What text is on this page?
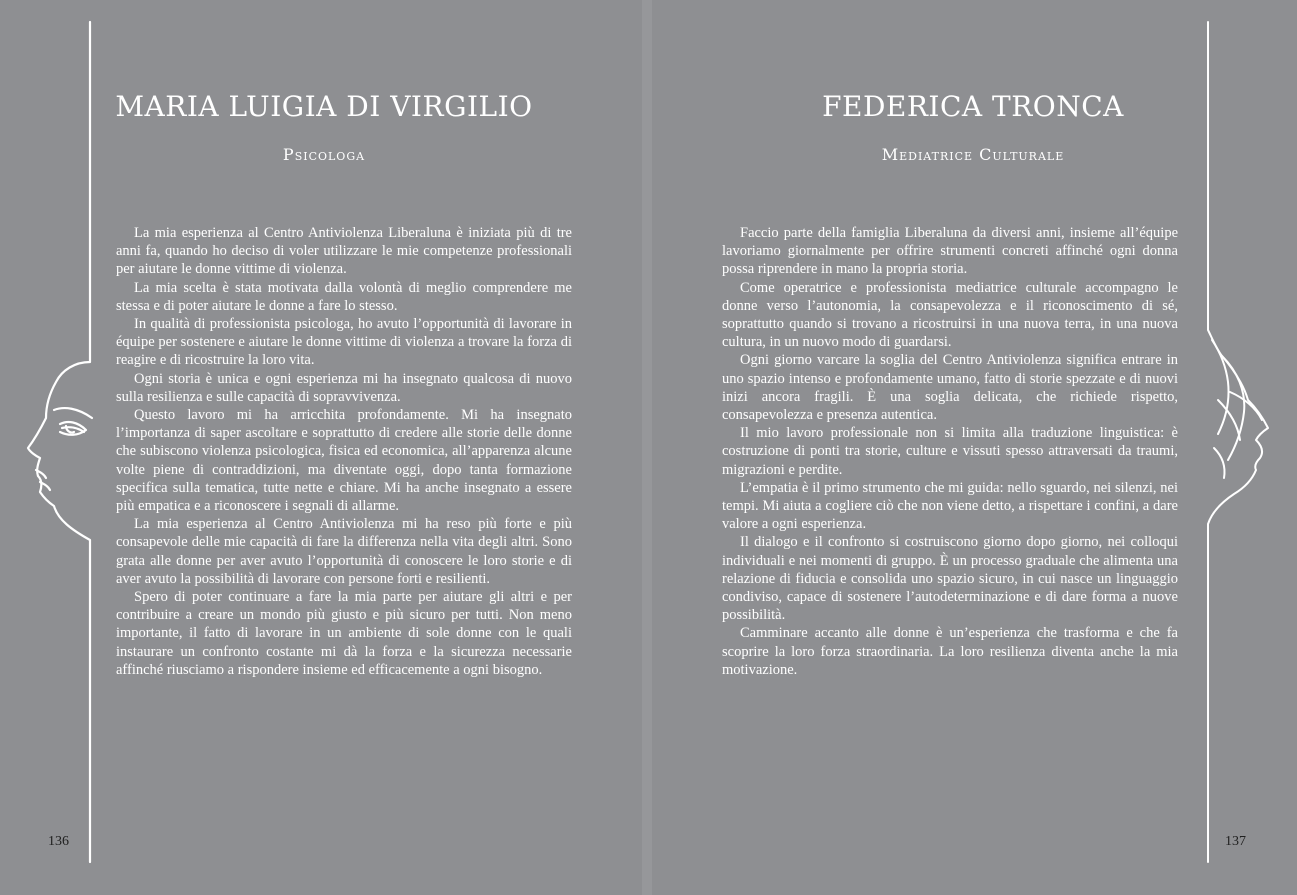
MARIA LUIGIA DI VIRGILIO
Psicologa

La mia esperienza al Centro Antiviolenza Liberaluna è iniziata più di tre anni fa, quando ho deciso di voler utilizzare le mie competenze professionali per aiutare le donne vittime di violenza.

La mia scelta è stata motivata dalla volontà di meglio comprendere me stessa e di poter aiutare le donne a fare lo stesso.

In qualità di professionista psicologa, ho avuto l’opportunità di lavorare in équipe per sostenere e aiutare le donne vittime di violenza a trovare la forza di reagire e di ricostruire la loro vita.

Ogni storia è unica e ogni esperienza mi ha insegnato qualcosa di nuovo sulla resilienza e sulle capacità di sopravvivenza.

Questo lavoro mi ha arricchita profondamente. Mi ha insegnato l’importanza di saper ascoltare e soprattutto di credere alle storie delle donne che subiscono violenza psicologica, fisica ed economica, all’apparenza alcune volte piene di contraddizioni, ma diventate oggi, dopo tanta formazione specifica sulla tematica, tutte nette e chiare. Mi ha anche insegnato a essere più empatica e a riconoscere i segnali di allarme.

La mia esperienza al Centro Antiviolenza mi ha reso più forte e più consapevole delle mie capacità di fare la differenza nella vita degli altri. Sono grata alle donne per aver avuto l’opportunità di conoscere le loro storie e di aver avuto la possibilità di lavorare con persone forti e resilienti.

Spero di poter continuare a fare la mia parte per aiutare gli altri e per contribuire a creare un mondo più giusto e più sicuro per tutti. Non meno importante, il fatto di lavorare in un ambiente di sole donne con le quali instaurare un confronto costante mi dà la forza e la sicurezza necessarie affinché riusciamo a rispondere insieme ed efficacemente a ogni bisogno.

136
FEDERICA TRONCA
Mediatrice Culturale

Faccio parte della famiglia Liberaluna da diversi anni, insieme all’équipe lavoriamo giornalmente per offrire strumenti concreti affinché ogni donna possa riprendere in mano la propria storia.

Come operatrice e professionista mediatrice culturale accompagno le donne verso l’autonomia, la consapevolezza e il riconoscimento di sé, soprattutto quando si trovano a ricostruirsi in una nuova terra, in una nuova cultura, in un nuovo modo di guardarsi.

Ogni giorno varcare la soglia del Centro Antiviolenza significa entrare in uno spazio intenso e profondamente umano, fatto di storie spezzate e di nuovi inizi ancora fragili. È una soglia delicata, che richiede rispetto, consapevolezza e presenza autentica.

Il mio lavoro professionale non si limita alla traduzione linguistica: è costruzione di ponti tra storie, culture e vissuti spesso attraversati da traumi, migrazioni e perdite.

L’empatia è il primo strumento che mi guida: nello sguardo, nei silenzi, nei tempi. Mi aiuta a cogliere ciò che non viene detto, a rispettare i confini, a dare valore a ogni esperienza.

Il dialogo e il confronto si costruiscono giorno dopo giorno, nei colloqui individuali e nei momenti di gruppo. È un processo graduale che alimenta una relazione di fiducia e consolida uno spazio sicuro, in cui nasce un linguaggio condiviso, capace di sostenere l’autodeterminazione e di dare forma a nuove possibilità.

Camminare accanto alle donne è un’esperienza che trasforma e che fa scoprire la loro forza straordinaria. La loro resilienza diventa anche la mia motivazione.

137
